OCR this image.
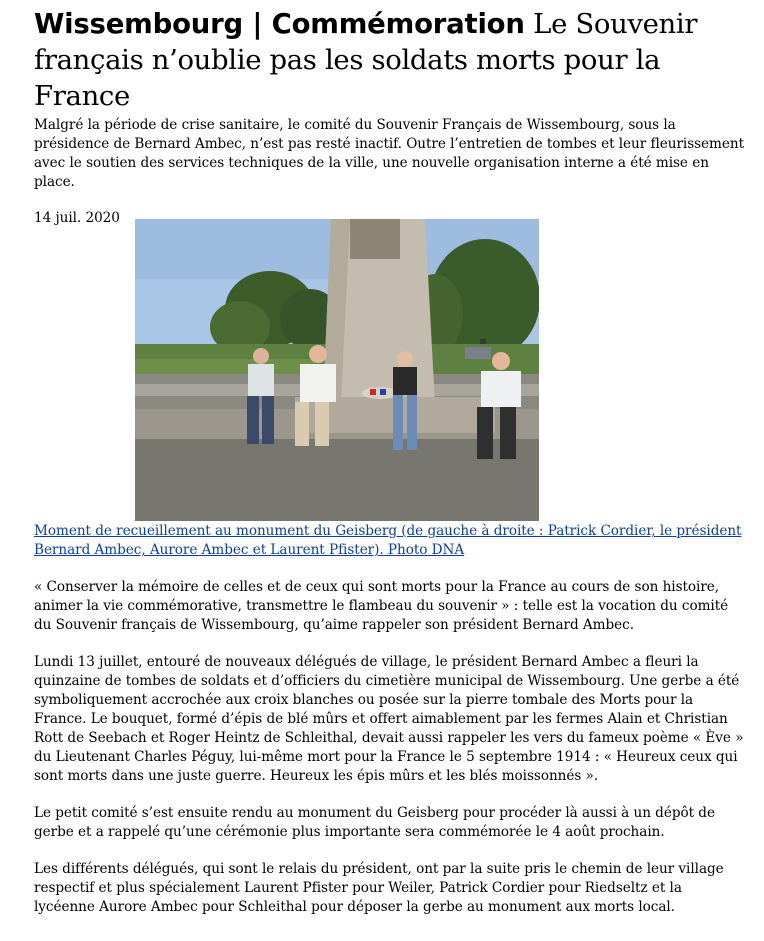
Wissembourg | Commémoration Le Souvenir français n’oublie pas les soldats morts pour la France

Malgré la période de crise sanitaire, le comité du Souvenir Français de Wissembourg, sous la présidence de Bernard Ambec, n’est pas resté inactif. Outre l’entretien de tombes et leur fleurissement avec le soutien des services techniques de la ville, une nouvelle organisation interne a été mise en place.

14 juil. 2020

Moment de recueillement au monument du Geisberg (de gauche à droite : Patrick Cordier, le président Bernard Ambec, Aurore Ambec et Laurent Pfister). Photo DNA

« Conserver la mémoire de celles et de ceux qui sont morts pour la France au cours de son histoire, animer la vie commémorative, transmettre le flambeau du souvenir » : telle est la vocation du comité du Souvenir français de Wissembourg, qu’aime rappeler son président Bernard Ambec.

Lundi 13 juillet, entouré de nouveaux délégués de village, le président Bernard Ambec a fleuri la quinzaine de tombes de soldats et d’officiers du cimetière municipal de Wissembourg. Une gerbe a été symboliquement accrochée aux croix blanches ou posée sur la pierre tombale des Morts pour la France. Le bouquet, formé d’épis de blé mûrs et offert aimablement par les fermes Alain et Christian Rott de Seebach et Roger Heintz de Schleithal, devait aussi rappeler les vers du fameux poème « Ève » du Lieutenant Charles Péguy, lui-même mort pour la France le 5 septembre 1914 : « Heureux ceux qui sont morts dans une juste guerre. Heureux les épis mûrs et les blés moissonnés ».

Le petit comité s’est ensuite rendu au monument du Geisberg pour procéder là aussi à un dépôt de gerbe et a rappelé qu’une cérémonie plus importante sera commémorée le 4 août prochain.

Les différents délégués, qui sont le relais du président, ont par la suite pris le chemin de leur village respectif et plus spécialement Laurent Pfister pour Weiler, Patrick Cordier pour Riedseltz et la lycéenne Aurore Ambec pour Schleithal pour déposer la gerbe au monument aux morts local.
